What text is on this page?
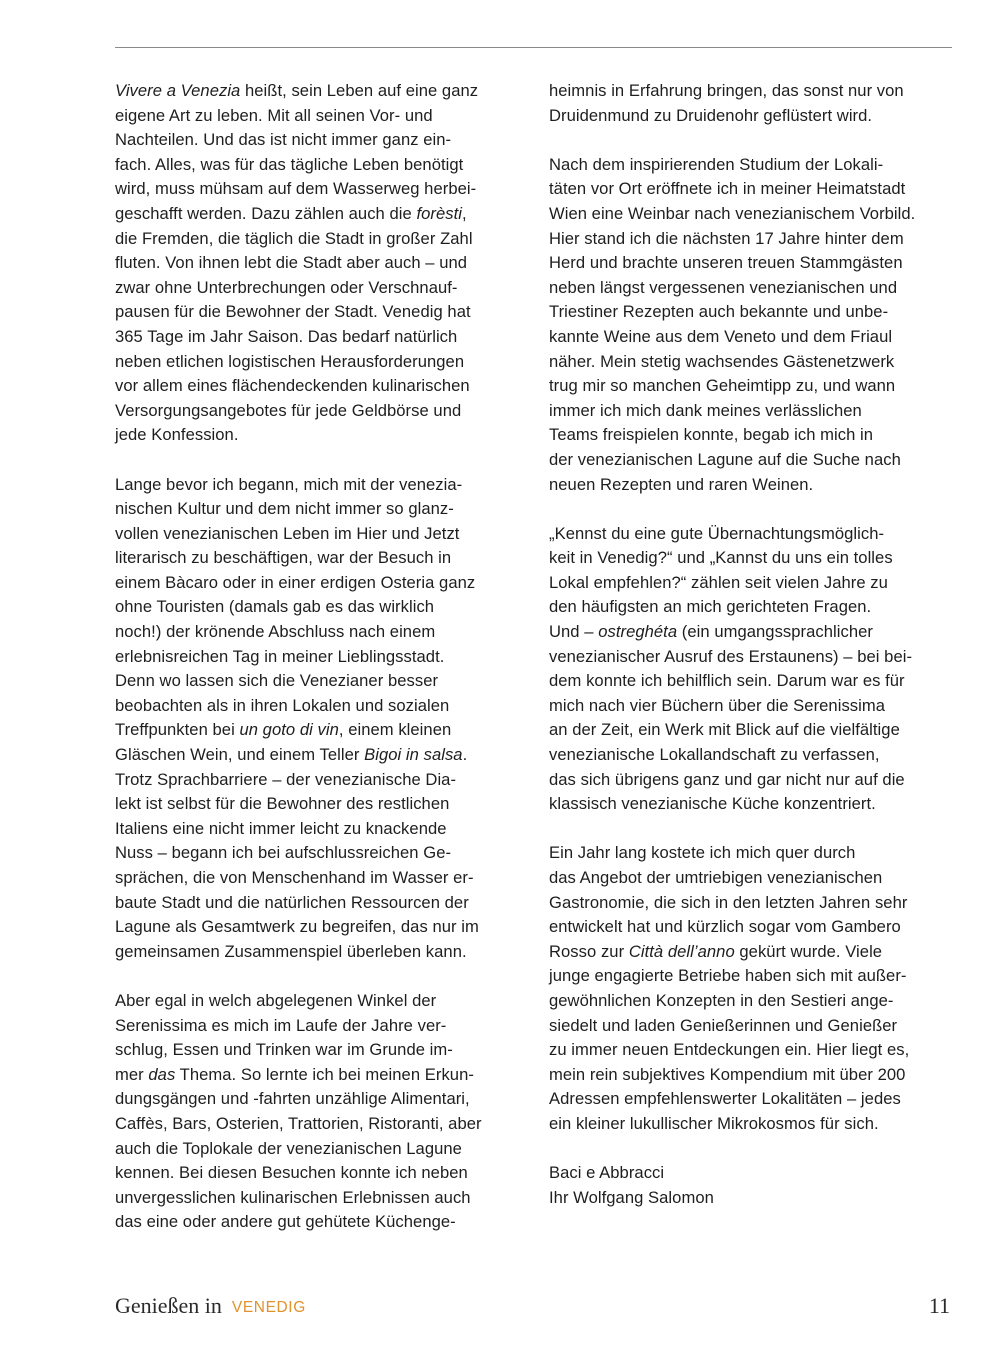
Vivere a Venezia heißt, sein Leben auf eine ganz
eigene Art zu leben. Mit all seinen Vor- und
Nachteilen. Und das ist nicht immer ganz ein-
fach. Alles, was für das tägliche Leben benötigt
wird, muss mühsam auf dem Wasserweg herbei-
geschafft werden. Dazu zählen auch die forèsti,
die Fremden, die täglich die Stadt in großer Zahl
fluten. Von ihnen lebt die Stadt aber auch – und
zwar ohne Unterbrechungen oder Verschnauf-
pausen für die Bewohner der Stadt. Venedig hat
365 Tage im Jahr Saison. Das bedarf natürlich
neben etlichen logistischen Herausforderungen
vor allem eines flächendeckenden kulinarischen
Versorgungsangebotes für jede Geldbörse und
jede Konfession.
Lange bevor ich begann, mich mit der venezia-
nischen Kultur und dem nicht immer so glanz-
vollen venezianischen Leben im Hier und Jetzt
literarisch zu beschäftigen, war der Besuch in
einem Bàcaro oder in einer erdigen Osteria ganz
ohne Touristen (damals gab es das wirklich
noch!) der krönende Abschluss nach einem
erlebnisreichen Tag in meiner Lieblingsstadt.
Denn wo lassen sich die Venezianer besser
beobachten als in ihren Lokalen und sozialen
Treffpunkten bei un goto di vin, einem kleinen
Gläschen Wein, und einem Teller Bigoi in salsa.
Trotz Sprachbarriere – der venezianische Dia-
lekt ist selbst für die Bewohner des restlichen
Italiens eine nicht immer leicht zu knackende
Nuss – begann ich bei aufschlussreichen Ge-
sprächen, die von Menschenhand im Wasser er-
baute Stadt und die natürlichen Ressourcen der
Lagune als Gesamtwerk zu begreifen, das nur im
gemeinsamen Zusammenspiel überleben kann.
Aber egal in welch abgelegenen Winkel der
Serenissima es mich im Laufe der Jahre ver-
schlug, Essen und Trinken war im Grunde im-
mer das Thema. So lernte ich bei meinen Erkun-
dungsgängen und -fahrten unzählige Alimentari,
Caffès, Bars, Osterien, Trattorien, Ristoranti, aber
auch die Toplokale der venezianischen Lagune
kennen. Bei diesen Besuchen konnte ich neben
unvergesslichen kulinarischen Erlebnissen auch
das eine oder andere gut gehütete Küchenge-
heimnis in Erfahrung bringen, das sonst nur von
Druidenmund zu Druidenohr geflüstert wird.
Nach dem inspirierenden Studium der Lokali-
täten vor Ort eröffnete ich in meiner Heimatstadt
Wien eine Weinbar nach venezianischem Vorbild.
Hier stand ich die nächsten 17 Jahre hinter dem
Herd und brachte unseren treuen Stammgästen
neben längst vergessenen venezianischen und
Triestiner Rezepten auch bekannte und unbe-
kannte Weine aus dem Veneto und dem Friaul
näher. Mein stetig wachsendes Gästenetzwerk
trug mir so manchen Geheimtipp zu, und wann
immer ich mich dank meines verlässlichen
Teams freispielen konnte, begab ich mich in
der venezianischen Lagune auf die Suche nach
neuen Rezepten und raren Weinen.
„Kennst du eine gute Übernachtungsmöglich-
keit in Venedig?“ und „Kannst du uns ein tolles
Lokal empfehlen?“ zählen seit vielen Jahre zu
den häufigsten an mich gerichteten Fragen.
Und – ostreghéta (ein umgangssprachlicher
venezianischer Ausruf des Erstaunens) – bei bei-
dem konnte ich behilflich sein. Darum war es für
mich nach vier Büchern über die Serenissima
an der Zeit, ein Werk mit Blick auf die vielfältige
venezianische Lokallandschaft zu verfassen,
das sich übrigens ganz und gar nicht nur auf die
klassisch venezianische Küche konzentriert.
Ein Jahr lang kostete ich mich quer durch
das Angebot der umtriebigen venezianischen
Gastronomie, die sich in den letzten Jahren sehr
entwickelt hat und kürzlich sogar vom Gambero
Rosso zur Città dell’anno gekürt wurde. Viele
junge engagierte Betriebe haben sich mit außer-
gewöhnlichen Konzepten in den Sestieri ange-
siedelt und laden Genießerinnen und Genießer
zu immer neuen Entdeckungen ein. Hier liegt es,
mein rein subjektives Kompendium mit über 200
Adressen empfehlenswerter Lokalitäten – jedes
ein kleiner lukullischer Mikrokosmos für sich.
Baci e Abbracci
Ihr Wolfgang Salomon
Genießen in VENEDIG	11
